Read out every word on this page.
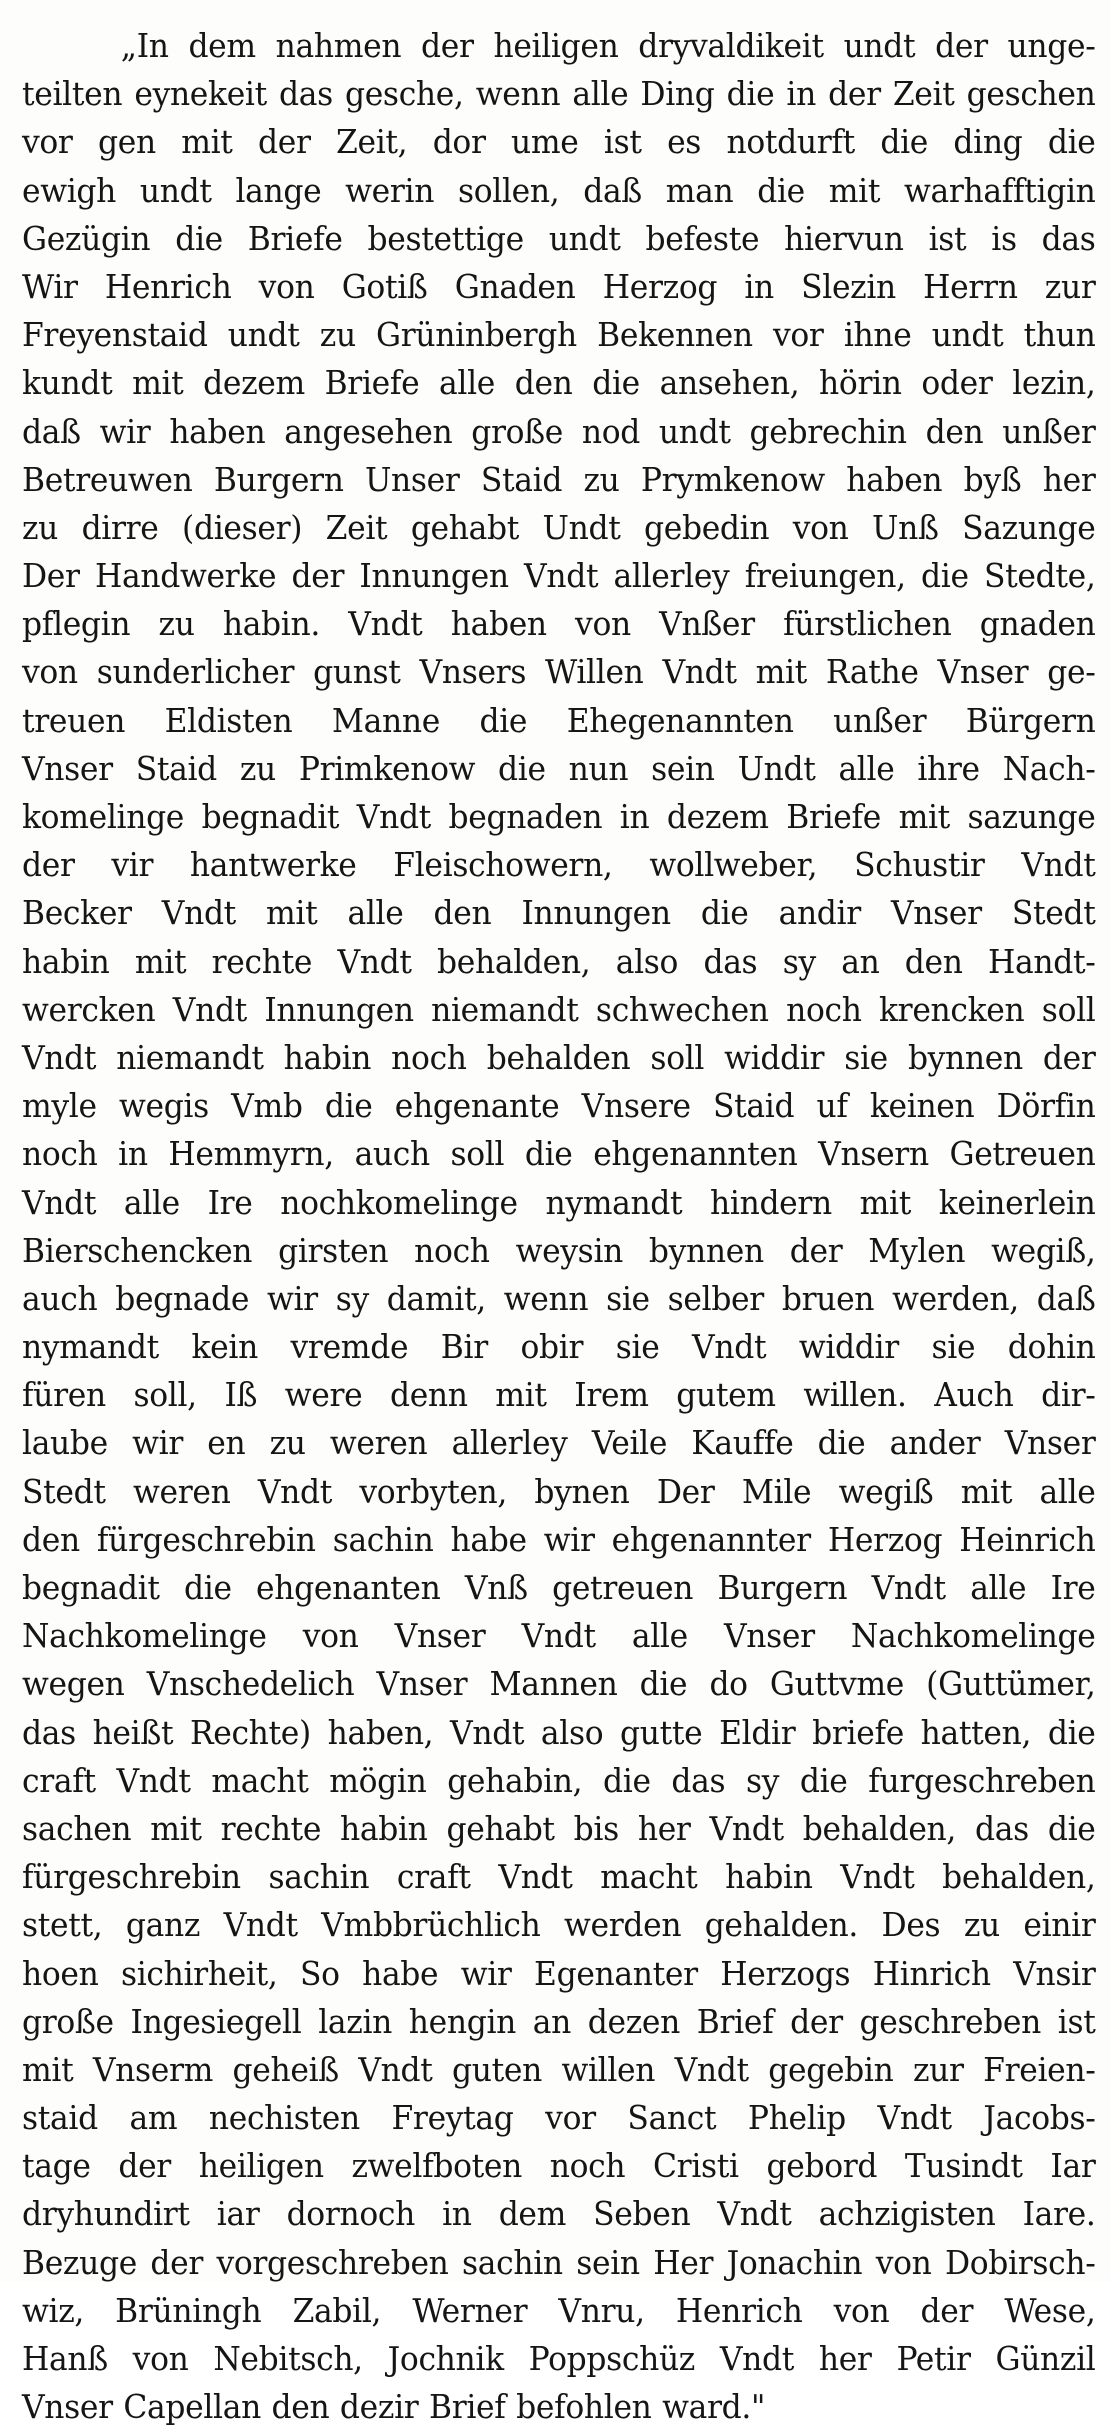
„In dem nahmen der heiligen dryvaldikeit undt der unge-
teilten eynekeit das gesche, wenn alle Ding die in der Zeit geschen
vor gen mit der Zeit, dor ume ist es notdurft die ding die
ewigh undt lange werin sollen, daß man die mit warhafftigin
Gezügin die Briefe bestettige undt befeste hiervun ist is das
Wir Henrich von Gotiß Gnaden Herzog in Slezin Herrn zur
Freyenstaid undt zu Grüninbergh Bekennen vor ihne undt thun
kundt mit dezem Briefe alle den die ansehen, hörin oder lezin,
daß wir haben angesehen große nod undt gebrechin den unßer
Betreuwen Burgern Unser Staid zu Prymkenow haben byß her
zu dirre (dieser) Zeit gehabt Undt gebedin von Unß Sazunge
Der Handwerke der Innungen Vndt allerley freiungen, die Stedte,
pflegin zu habin. Vndt haben von Vnßer fürstlichen gnaden
von sunderlicher gunst Vnsers Willen Vndt mit Rathe Vnser ge-
treuen Eldisten Manne die Ehegenannten unßer Bürgern
Vnser Staid zu Primkenow die nun sein Undt alle ihre Nach-
komelinge begnadit Vndt begnaden in dezem Briefe mit sazunge
der vir hantwerke Fleischowern, wollweber, Schustir Vndt
Becker Vndt mit alle den Innungen die andir Vnser Stedt
habin mit rechte Vndt behalden, also das sy an den Handt-
wercken Vndt Innungen niemandt schwechen noch krencken soll
Vndt niemandt habin noch behalden soll widdir sie bynnen der
myle wegis Vmb die ehgenante Vnsere Staid uf keinen Dörfin
noch in Hemmyrn, auch soll die ehgenannten Vnsern Getreuen
Vndt alle Ire nochkomelinge nymandt hindern mit keinerlein
Bierschencken girsten noch weysin bynnen der Mylen wegiß,
auch begnade wir sy damit, wenn sie selber bruen werden, daß
nymandt kein vremde Bir obir sie Vndt widdir sie dohin
füren soll, Iß were denn mit Irem gutem willen. Auch dir-
laube wir en zu weren allerley Veile Kauffe die ander Vnser
Stedt weren Vndt vorbyten, bynen Der Mile wegiß mit alle
den fürgeschrebin sachin habe wir ehgenannter Herzog Heinrich
begnadit die ehgenanten Vnß getreuen Burgern Vndt alle Ire
Nachkomelinge von Vnser Vndt alle Vnser Nachkomelinge
wegen Vnschedelich Vnser Mannen die do Guttvme (Guttümer,
das heißt Rechte) haben, Vndt also gutte Eldir briefe hatten, die
craft Vndt macht mögin gehabin, die das sy die furgeschreben
sachen mit rechte habin gehabt bis her Vndt behalden, das die
fürgeschrebin sachin craft Vndt macht habin Vndt behalden,
stett, ganz Vndt Vmbbrüchlich werden gehalden. Des zu einir
hoen sichirheit, So habe wir Egenanter Herzogs Hinrich Vnsir
große Ingesiegell lazin hengin an dezen Brief der geschreben ist
mit Vnserm geheiß Vndt guten willen Vndt gegebin zur Freien-
staid am nechisten Freytag vor Sanct Phelip Vndt Jacobs-
tage der heiligen zwelfboten noch Cristi gebord Tusindt Iar
dryhundirt iar dornoch in dem Seben Vndt achzigisten Iare.
Bezuge der vorgeschreben sachin sein Her Jonachin von Dobirsch-
wiz, Brüningh Zabil, Werner Vnru, Henrich von der Wese,
Hanß von Nebitsch, Jochnik Poppschüz Vndt her Petir Günzil
Vnser Capellan den dezir Brief befohlen ward."
